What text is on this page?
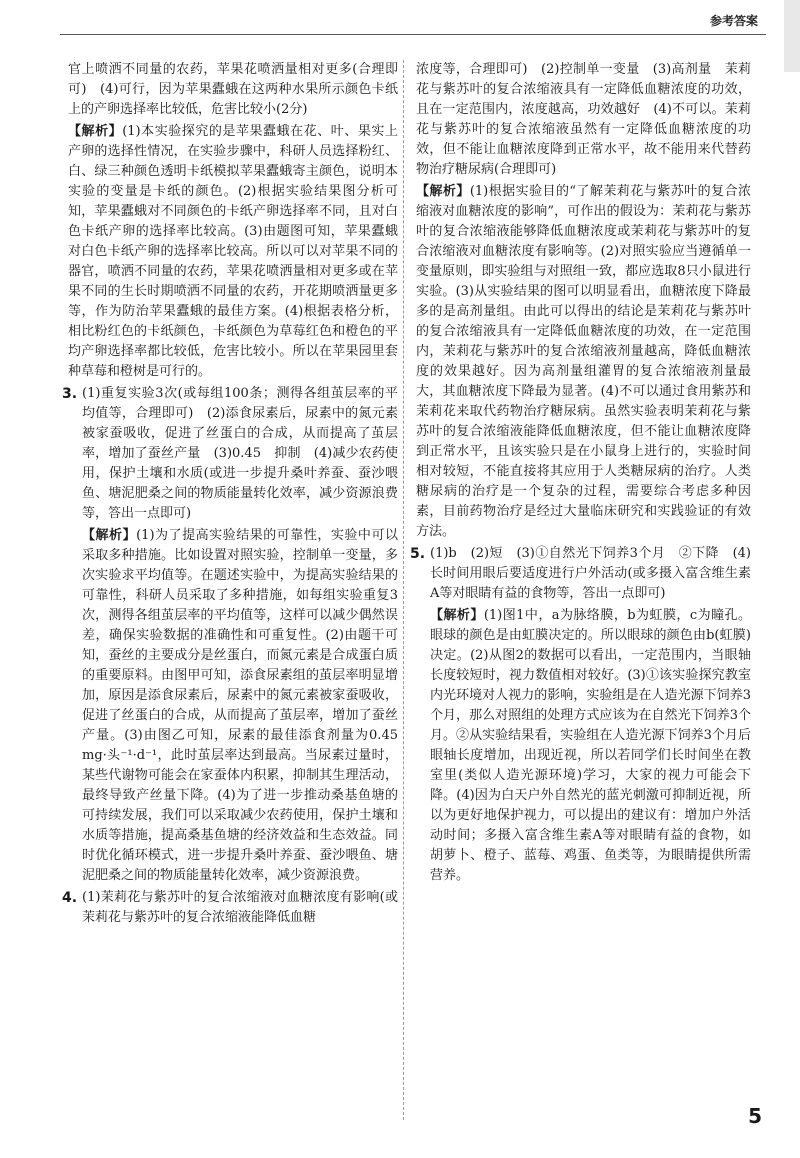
参考答案

官上喷洒不同量的农药，苹果花喷洒量相对更多(合理即可)　(4)可行，因为苹果蠹蛾在这两种水果所示颜色卡纸上的产卵选择率比较低，危害比较小(2分)

【解析】(1)本实验探究的是苹果蠹蛾在花、叶、果实上产卵的选择性情况，在实验步骤中，科研人员选择粉红、白、绿三种颜色透明卡纸模拟苹果蠹蛾寄主颜色，说明本实验的变量是卡纸的颜色。(2)根据实验结果图分析可知，苹果蠹蛾对不同颜色的卡纸产卵选择率不同，且对白色卡纸产卵的选择率比较高。(3)由题图可知，苹果蠹蛾对白色卡纸产卵的选择率比较高。所以可以对苹果不同的器官，喷洒不同量的农药，苹果花喷洒量相对更多或在苹果不同的生长时期喷洒不同量的农药，开花期喷洒量更多等，作为防治苹果蠹蛾的最佳方案。(4)根据表格分析，相比粉红色的卡纸颜色，卡纸颜色为草莓红色和橙色的平均产卵选择率都比较低，危害比较小。所以在苹果园里套种草莓和橙树是可行的。

3. (1)重复实验3次(或每组100条；测得各组茧层率的平均值等，合理即可)　(2)添食尿素后，尿素中的氮元素被家蚕吸收，促进了丝蛋白的合成，从而提高了茧层率，增加了蚕丝产量　(3)0.45　抑制　(4)减少农药使用，保护土壤和水质(或进一步提升桑叶养蚕、蚕沙喂鱼、塘泥肥桑之间的物质能量转化效率，减少资源浪费等，答出一点即可)

【解析】(1)为了提高实验结果的可靠性，实验中可以采取多种措施。比如设置对照实验，控制单一变量，多次实验求平均值等。在题述实验中，为提高实验结果的可靠性，科研人员采取了多种措施，如每组实验重复3次，测得各组茧层率的平均值等，这样可以减少偶然误差，确保实验数据的准确性和可重复性。(2)由题干可知，蚕丝的主要成分是丝蛋白，而氮元素是合成蛋白质的重要原料。由图甲可知，添食尿素组的茧层率明显增加，原因是添食尿素后，尿素中的氮元素被家蚕吸收，促进了丝蛋白的合成，从而提高了茧层率，增加了蚕丝产量。(3)由图乙可知，尿素的最佳添食剂量为0.45 mg·头⁻¹·d⁻¹，此时茧层率达到最高。当尿素过量时，某些代谢物可能会在家蚕体内积累，抑制其生理活动，最终导致产丝量下降。(4)为了进一步推动桑基鱼塘的可持续发展，我们可以采取减少农药使用，保护土壤和水质等措施，提高桑基鱼塘的经济效益和生态效益。同时优化循环模式，进一步提升桑叶养蚕、蚕沙喂鱼、塘泥肥桑之间的物质能量转化效率，减少资源浪费。

4. (1)茉莉花与紫苏叶的复合浓缩液对血糖浓度有影响(或茉莉花与紫苏叶的复合浓缩液能降低血糖

浓度等，合理即可)　(2)控制单一变量　(3)高剂量　茉莉花与紫苏叶的复合浓缩液具有一定降低血糖浓度的功效，且在一定范围内，浓度越高，功效越好　(4)不可以。茉莉花与紫苏叶的复合浓缩液虽然有一定降低血糖浓度的功效，但不能让血糖浓度降到正常水平，故不能用来代替药物治疗糖尿病(合理即可)

【解析】(1)根据实验目的“了解茉莉花与紫苏叶的复合浓缩液对血糖浓度的影响”，可作出的假设为：茉莉花与紫苏叶的复合浓缩液能够降低血糖浓度或茉莉花与紫苏叶的复合浓缩液对血糖浓度有影响等。(2)对照实验应当遵循单一变量原则，即实验组与对照组一致，都应选取8只小鼠进行实验。(3)从实验结果的图可以明显看出，血糖浓度下降最多的是高剂量组。由此可以得出的结论是茉莉花与紫苏叶的复合浓缩液具有一定降低血糖浓度的功效，在一定范围内，茉莉花与紫苏叶的复合浓缩液剂量越高，降低血糖浓度的效果越好。因为高剂量组灌胃的复合浓缩液剂量最大，其血糖浓度下降最为显著。(4)不可以通过食用紫苏和茉莉花来取代药物治疗糖尿病。虽然实验表明茉莉花与紫苏叶的复合浓缩液能降低血糖浓度，但不能让血糖浓度降到正常水平，且该实验只是在小鼠身上进行的，实验时间相对较短，不能直接将其应用于人类糖尿病的治疗。人类糖尿病的治疗是一个复杂的过程，需要综合考虑多种因素，目前药物治疗是经过大量临床研究和实践验证的有效方法。

5. (1)b　(2)短　(3)①自然光下饲养3个月　②下降　(4)长时间用眼后要适度进行户外活动(或多摄入富含维生素A等对眼睛有益的食物等，答出一点即可)

【解析】(1)图1中，a为脉络膜，b为虹膜，c为瞳孔。眼球的颜色是由虹膜决定的。所以眼球的颜色由b(虹膜)决定。(2)从图2的数据可以看出，一定范围内，当眼轴长度较短时，视力数值相对较好。(3)①该实验探究教室内光环境对人视力的影响，实验组是在人造光源下饲养3个月，那么对照组的处理方式应该为在自然光下饲养3个月。②从实验结果看，实验组在人造光源下饲养3个月后眼轴长度增加，出现近视，所以若同学们长时间坐在教室里(类似人造光源环境)学习，大家的视力可能会下降。(4)因为白天户外自然光的蓝光刺激可抑制近视，所以为更好地保护视力，可以提出的建议有：增加户外活动时间；多摄入富含维生素A等对眼睛有益的食物，如胡萝卜、橙子、蓝莓、鸡蛋、鱼类等，为眼睛提供所需营养。

5
